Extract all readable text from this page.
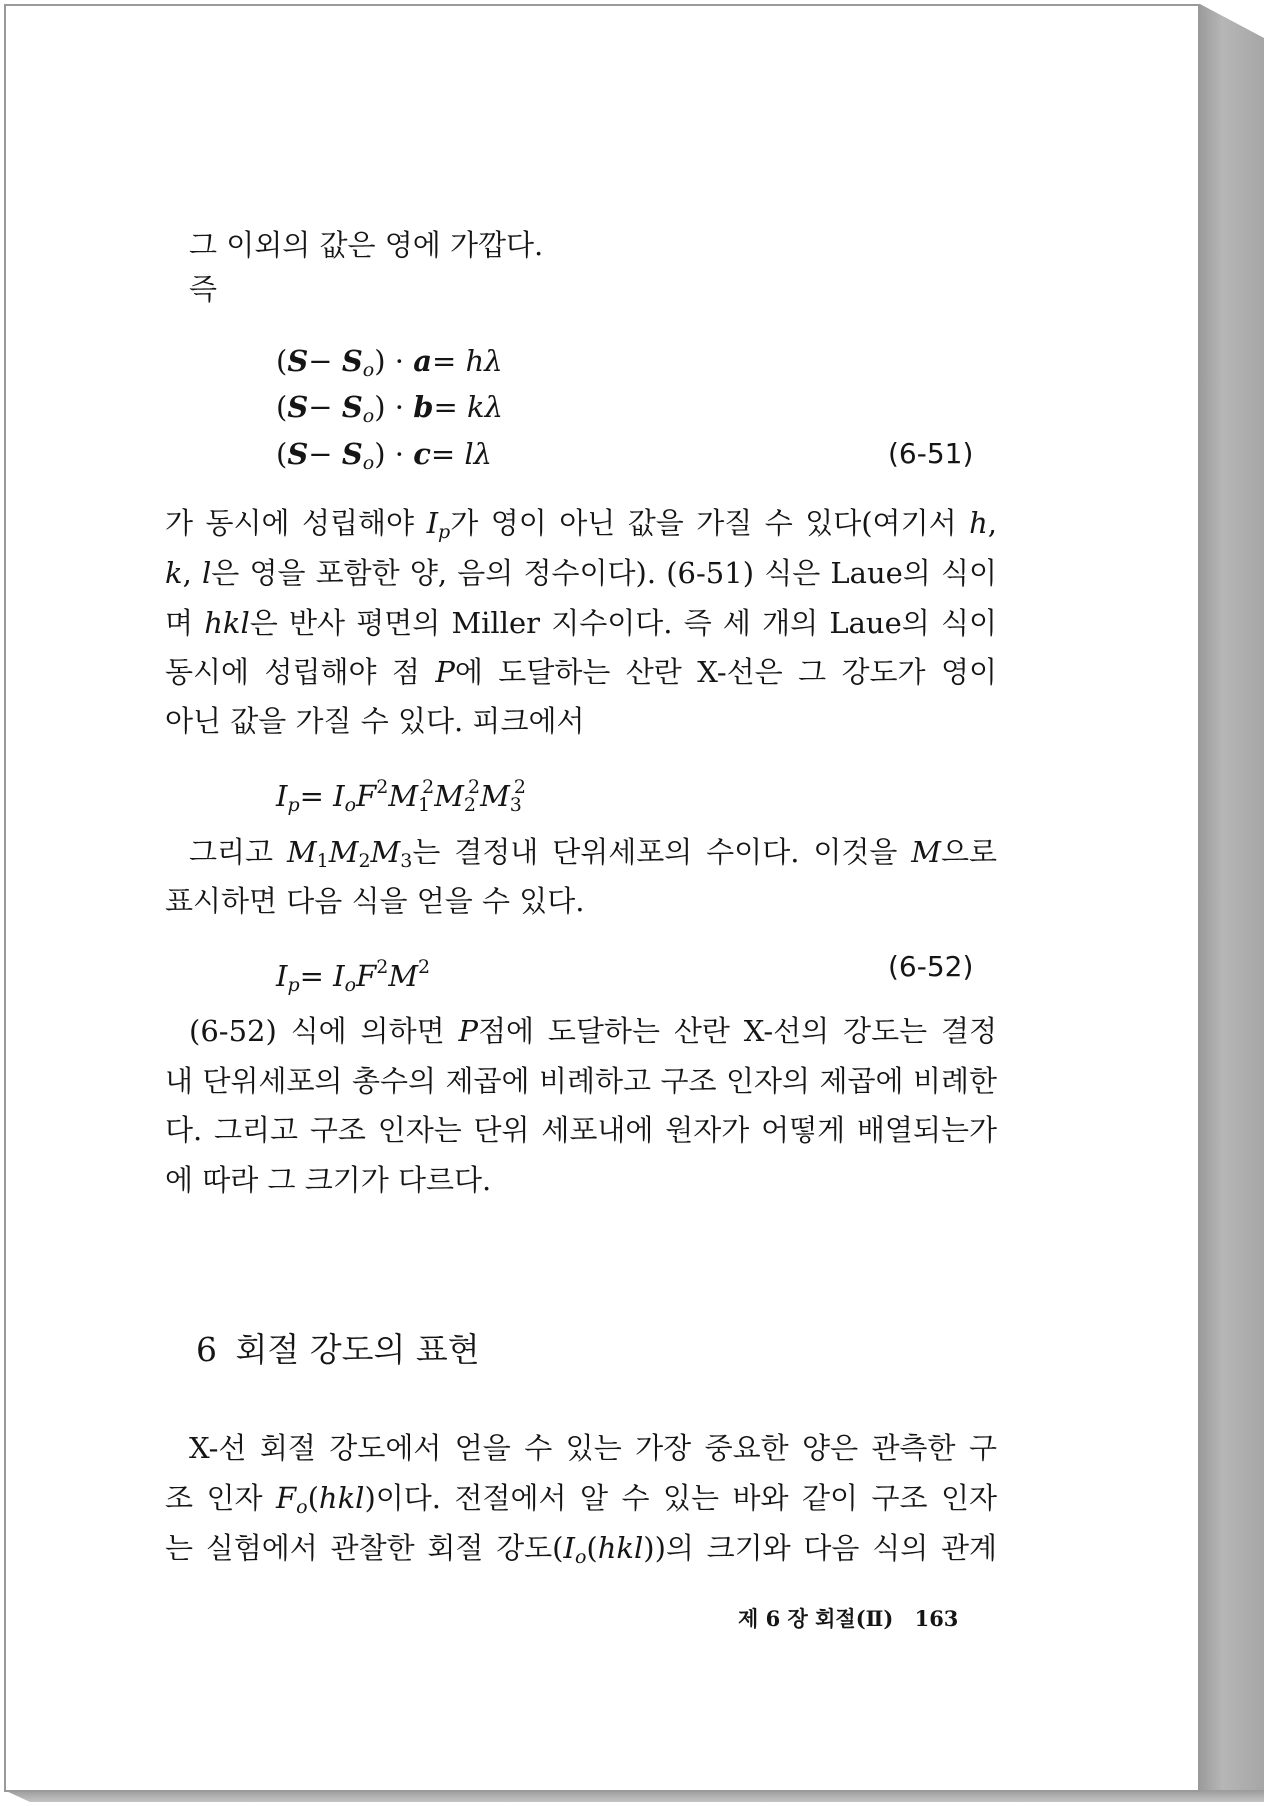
그 이외의 값은 영에 가깝다.
즉
$(S- S_o) \cdot a= h\lambda$
$(S- S_o) \cdot b= k\lambda$
$(S- S_o) \cdot c= l\lambda$	(6-51)
가 동시에 성립해야 $I_p$가 영이 아닌 값을 가질 수 있다(여기서 h,
k, l은 영을 포함한 양, 음의 정수이다). (6-51) 식은 Laue의 식이
며 hkl은 반사 평면의 Miller 지수이다. 즉 세 개의 Laue의 식이
동시에 성립해야 점 P에 도달하는 산란 X-선은 그 강도가 영이
아닌 값을 가질 수 있다. 피크에서
$I_p= I_oF^2M_1^2M_2^2M_3^2$
그리고 $M_1M_2M_3$는 결정내 단위세포의 수이다. 이것을 M으로
표시하면 다음 식을 얻을 수 있다.
$I_p= I_oF^2M^2$	(6-52)
(6-52) 식에 의하면 P점에 도달하는 산란 X-선의 강도는 결정
내 단위세포의 총수의 제곱에 비례하고 구조 인자의 제곱에 비례한
다. 그리고 구조 인자는 단위 세포내에 원자가 어떻게 배열되는가
에 따라 그 크기가 다르다.
6 회절 강도의 표현
X-선 회절 강도에서 얻을 수 있는 가장 중요한 양은 관측한 구
조 인자 $F_o(hkl)$이다. 전절에서 알 수 있는 바와 같이 구조 인자
는 실험에서 관찰한 회절 강도$(I_o(hkl))$의 크기와 다음 식의 관계
제 6 장 회절(Ⅱ) 163
